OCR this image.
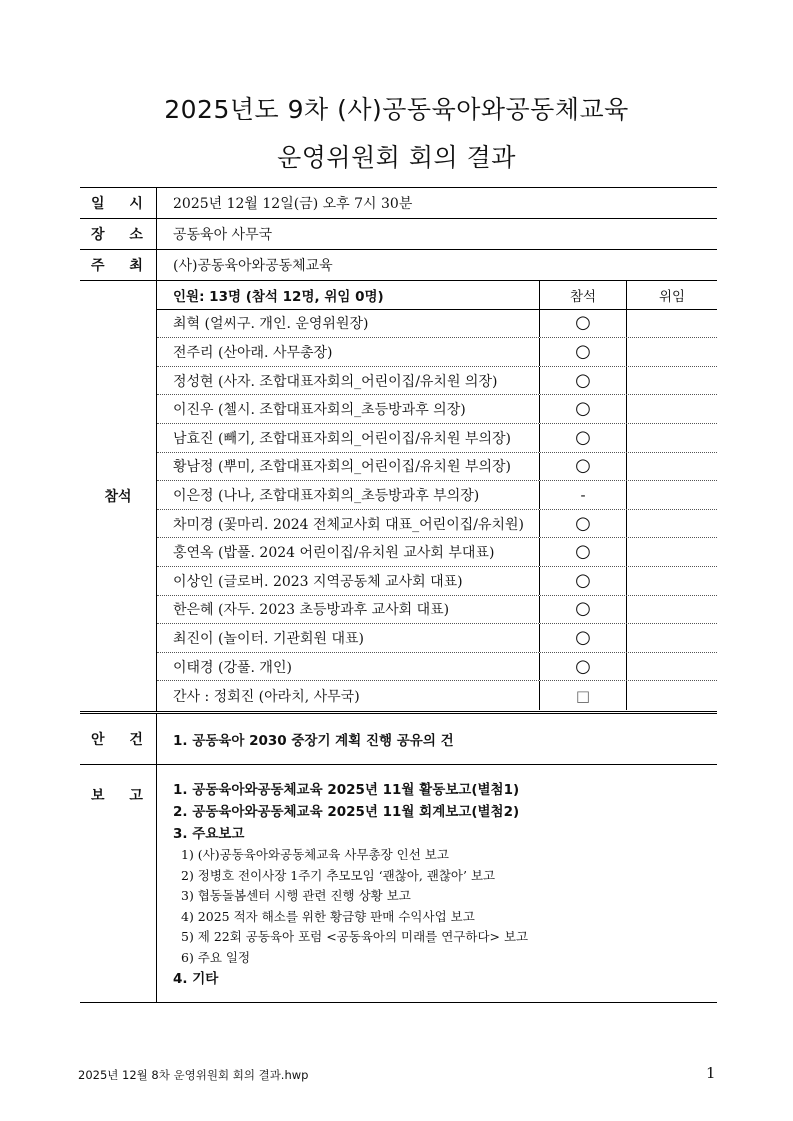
2025년도 9차 (사)공동육아와공동체교육
운영위원회 회의 결과
일 시	2025년 12월 12일(금) 오후 7시 30분
장 소	공동육아 사무국
주 최	(사)공동육아와공동체교육
참석
인원: 13명 (참석 12명, 위임 0명)	참석	위임
최혁 (얼씨구. 개인. 운영위원장)	○
전주리 (산아래. 사무총장)	○
정성현 (사자. 조합대표자회의_어린이집/유치원 의장)	○
이진우 (첼시. 조합대표자회의_초등방과후 의장)	○
남효진 (빼기, 조합대표자회의_어린이집/유치원 부의장)	○
황남정 (뿌미, 조합대표자회의_어린이집/유치원 부의장)	○
이은정 (나나, 조합대표자회의_초등방과후 부의장)	-
차미경 (꽃마리. 2024 전체교사회 대표_어린이집/유치원)	○
홍연옥 (밥풀. 2024 어린이집/유치원 교사회 부대표)	○
이상인 (글로버. 2023 지역공동체 교사회 대표)	○
한은혜 (자두. 2023 초등방과후 교사회 대표)	○
최진이 (놀이터. 기관회원 대표)	○
이태경 (강풀. 개인)	○
간사 : 정회진 (아라치, 사무국)	□
안 건	1. 공동육아 2030 중장기 계획 진행 공유의 건
보 고 1. 공동육아와공동체교육 2025년 11월 활동보고(별첨1)
2. 공동육아와공동체교육 2025년 11월 회계보고(별첨2)
3. 주요보고
1) (사)공동육아와공동체교육 사무총장 인선 보고
2) 정병호 전이사장 1주기 추모모임 ‘괜찮아, 괜찮아’ 보고
3) 협동돌봄센터 시행 관련 진행 상황 보고
4) 2025 적자 해소를 위한 황금향 판매 수익사업 보고
5) 제 22회 공동육아 포럼 <공동육아의 미래를 연구하다> 보고
6) 주요 일정
4. 기타
2025년 12월 8차 운영위원회 회의 결과.hwp	1
